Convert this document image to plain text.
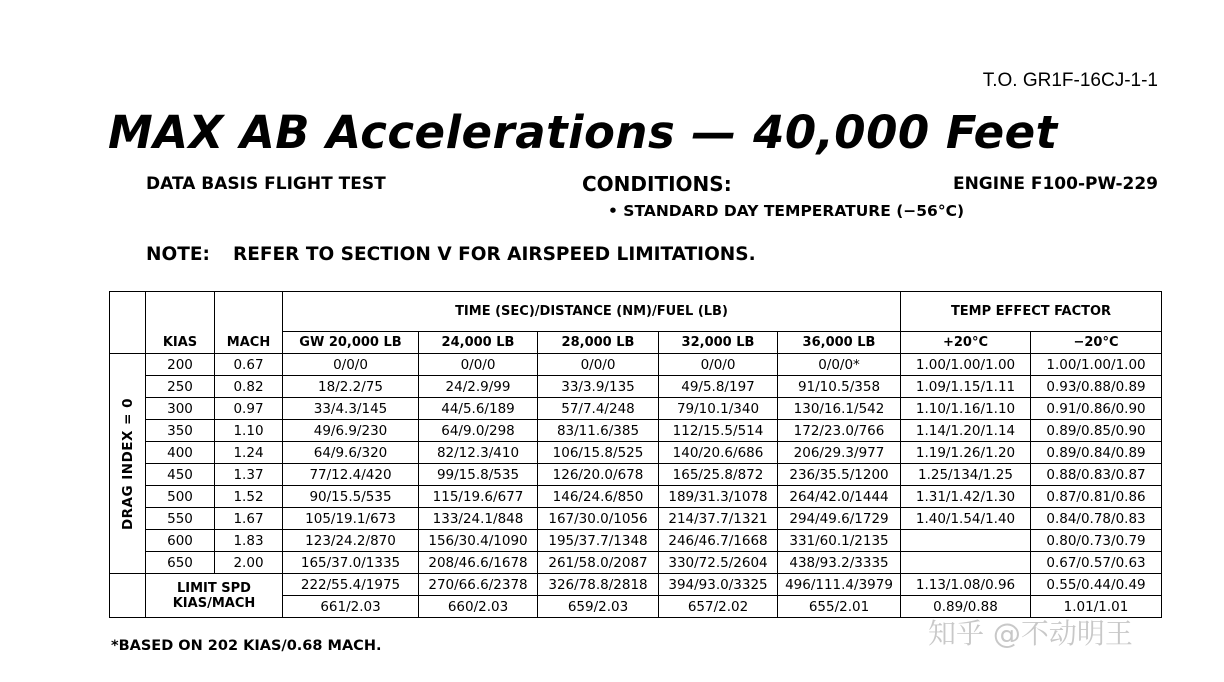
T.O. GR1F-16CJ-1-1
MAX AB Accelerations — 40,000 Feet
DATA BASIS FLIGHT TEST	CONDITIONS:	ENGINE F100-PW-229
• STANDARD DAY TEMPERATURE (−56°C)
NOTE: REFER TO SECTION V FOR AIRSPEED LIMITATIONS.
	KIAS	MACH	TIME (SEC)/DISTANCE (NM)/FUEL (LB)					TEMP EFFECT FACTOR	
			GW 20,000 LB	24,000 LB	28,000 LB	32,000 LB	36,000 LB	+20°C	−20°C

DRAG INDEX = 0	200	0.67	0/0/0	0/0/0	0/0/0	0/0/0	0/0/0*	1.00/1.00/1.00	1.00/1.00/1.00
	250	0.82	18/2.2/75	24/2.9/99	33/3.9/135	49/5.8/197	91/10.5/358	1.09/1.15/1.11	0.93/0.88/0.89
	300	0.97	33/4.3/145	44/5.6/189	57/7.4/248	79/10.1/340	130/16.1/542	1.10/1.16/1.10	0.91/0.86/0.90
	350	1.10	49/6.9/230	64/9.0/298	83/11.6/385	112/15.5/514	172/23.0/766	1.14/1.20/1.14	0.89/0.85/0.90
	400	1.24	64/9.6/320	82/12.3/410	106/15.8/525	140/20.6/686	206/29.3/977	1.19/1.26/1.20	0.89/0.84/0.89
	450	1.37	77/12.4/420	99/15.8/535	126/20.0/678	165/25.8/872	236/35.5/1200	1.25/134/1.25	0.88/0.83/0.87
	500	1.52	90/15.5/535	115/19.6/677	146/24.6/850	189/31.3/1078	264/42.0/1444	1.31/1.42/1.30	0.87/0.81/0.86
	550	1.67	105/19.1/673	133/24.1/848	167/30.0/1056	214/37.7/1321	294/49.6/1729	1.40/1.54/1.40	0.84/0.78/0.83
	600	1.83	123/24.2/870	156/30.4/1090	195/37.7/1348	246/46.7/1668	331/60.1/2135		0.80/0.73/0.79
	650	2.00	165/37.0/1335	208/46.6/1678	261/58.0/2087	330/72.5/2604	438/93.2/3335		0.67/0.57/0.63

	LIMIT SPD
KIAS/MACH		222/55.4/1975	270/66.6/2378	326/78.8/2818	394/93.0/3325	496/111.4/3979	1.13/1.08/0.96	0.55/0.44/0.49
			661/2.03	660/2.03	659/2.03	657/2.02	655/2.01	0.89/0.88	1.01/1.01
*BASED ON 202 KIAS/0.68 MACH.	知乎 @不动明王
